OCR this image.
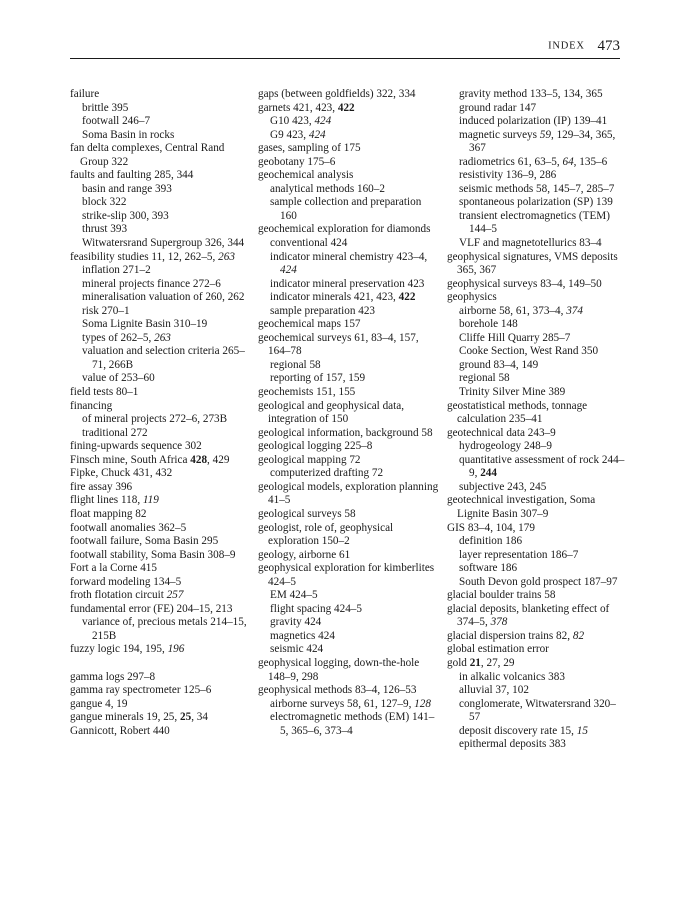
INDEX 473
failure
brittle 395
footwall 246–7
Soma Basin in rocks
fan delta complexes, Central Rand Group 322
faults and faulting 285, 344
basin and range 393
block 322
strike-slip 300, 393
thrust 393
Witwatersrand Supergroup 326, 344
feasibility studies 11, 12, 262–5, 263
inflation 271–2
mineral projects finance 272–6
mineralisation valuation of 260, 262
risk 270–1
Soma Lignite Basin 310–19
types of 262–5, 263
valuation and selection criteria 265–71, 266B
value of 253–60
field tests 80–1
financing
of mineral projects 272–6, 273B
traditional 272
fining-upwards sequence 302
Finsch mine, South Africa 428, 429
Fipke, Chuck 431, 432
fire assay 396
flight lines 118, 119
float mapping 82
footwall anomalies 362–5
footwall failure, Soma Basin 295
footwall stability, Soma Basin 308–9
Fort a la Corne 415
forward modeling 134–5
froth flotation circuit 257
fundamental error (FE) 204–15, 213
variance of, precious metals 214–15, 215B
fuzzy logic 194, 195, 196
gamma logs 297–8
gamma ray spectrometer 125–6
gangue 4, 19
gangue minerals 19, 25, 25, 34
Gannicott, Robert 440
gaps (between goldfields) 322, 334
garnets 421, 423, 422
G10 423, 424
G9 423, 424
gases, sampling of 175
geobotany 175–6
geochemical analysis
analytical methods 160–2
sample collection and preparation 160
geochemical exploration for diamonds
conventional 424
indicator mineral chemistry 423–4, 424
indicator mineral preservation 423
indicator minerals 421, 423, 422
sample preparation 423
geochemical maps 157
geochemical surveys 61, 83–4, 157, 164–78
regional 58
reporting of 157, 159
geochemists 151, 155
geological and geophysical data, integration of 150
geological information, background 58
geological logging 225–8
geological mapping 72
computerized drafting 72
geological models, exploration planning 41–5
geological surveys 58
geologist, role of, geophysical exploration 150–2
geology, airborne 61
geophysical exploration for kimberlites 424–5
EM 424–5
flight spacing 424–5
gravity 424
magnetics 424
seismic 424
geophysical logging, down-the-hole 148–9, 298
geophysical methods 83–4, 126–53
airborne surveys 58, 61, 127–9, 128
electromagnetic methods (EM) 141–5, 365–6, 373–4
gravity method 133–5, 134, 365
ground radar 147
induced polarization (IP) 139–41
magnetic surveys 59, 129–34, 365, 367
radiometrics 61, 63–5, 64, 135–6
resistivity 136–9, 286
seismic methods 58, 145–7, 285–7
spontaneous polarization (SP) 139
transient electromagnetics (TEM) 144–5
VLF and magnetotellurics 83–4
geophysical signatures, VMS deposits 365, 367
geophysical surveys 83–4, 149–50
geophysics
airborne 58, 61, 373–4, 374
borehole 148
Cliffe Hill Quarry 285–7
Cooke Section, West Rand 350
ground 83–4, 149
regional 58
Trinity Silver Mine 389
geostatistical methods, tonnage calculation 235–41
geotechnical data 243–9
hydrogeology 248–9
quantitative assessment of rock 244–9, 244
subjective 243, 245
geotechnical investigation, Soma Lignite Basin 307–9
GIS 83–4, 104, 179
definition 186
layer representation 186–7
software 186
South Devon gold prospect 187–97
glacial boulder trains 58
glacial deposits, blanketing effect of 374–5, 378
glacial dispersion trains 82, 82
global estimation error
gold 21, 27, 29
in alkalic volcanics 383
alluvial 37, 102
conglomerate, Witwatersrand 320–57
deposit discovery rate 15, 15
epithermal deposits 383
